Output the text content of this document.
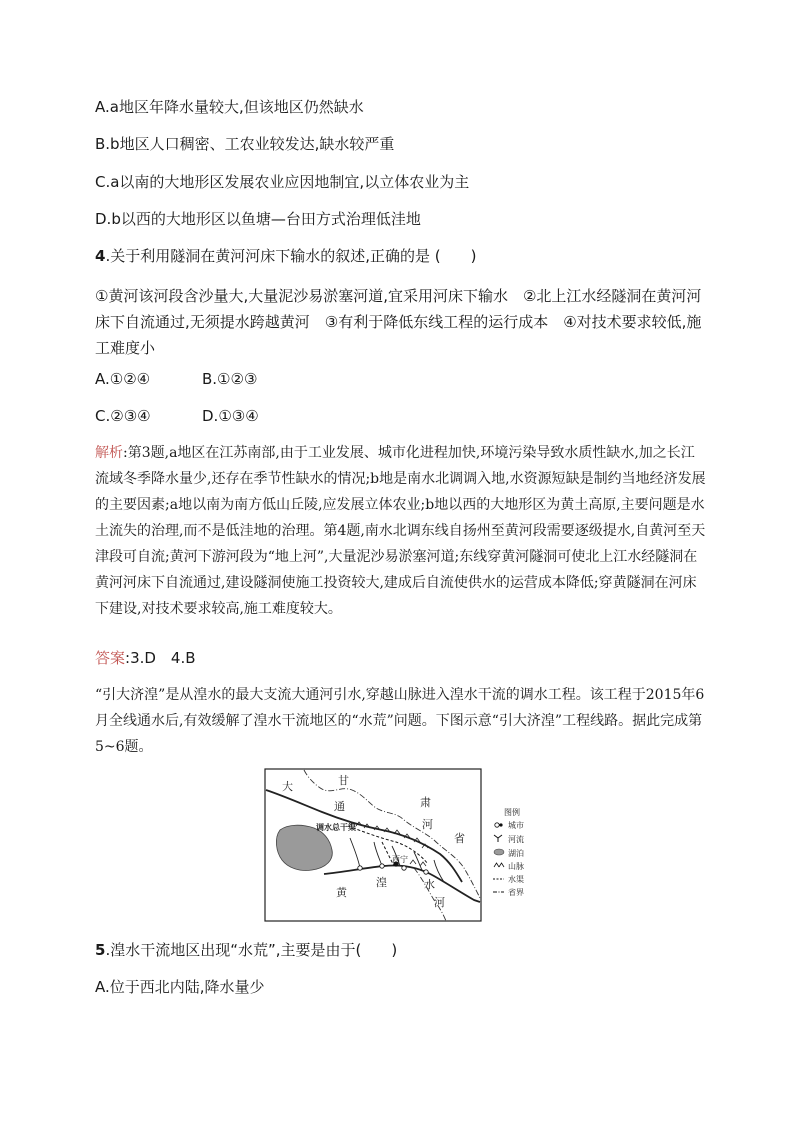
A.a地区年降水量较大,但该地区仍然缺水

B.b地区人口稠密、工农业较发达,缺水较严重

C.a以南的大地形区发展农业应因地制宜,以立体农业为主

D.b以西的大地形区以鱼塘—台田方式治理低洼地

4.关于利用隧洞在黄河河床下输水的叙述,正确的是 (　　)

①黄河该河段含沙量大,大量泥沙易淤塞河道,宜采用河床下输水　②北上江水经隧洞在黄河河床下自流通过,无须提水跨越黄河　③有利于降低东线工程的运行成本　④对技术要求较低,施工难度小

A.①②④	B.①②③

C.②③④	D.①③④

解析:第3题,a地区在江苏南部,由于工业发展、城市化进程加快,环境污染导致水质性缺水,加之长江流域冬季降水量少,还存在季节性缺水的情况;b地是南水北调调入地,水资源短缺是制约当地经济发展的主要因素;a地以南为南方低山丘陵,应发展立体农业;b地以西的大地形区为黄土高原,主要问题是水土流失的治理,而不是低洼地的治理。第4题,南水北调东线自扬州至黄河段需要逐级提水,自黄河至天津段可自流;黄河下游河段为“地上河”,大量泥沙易淤塞河道;东线穿黄河隧洞可使北上江水经隧洞在黄河河床下自流通过,建设隧洞使施工投资较大,建成后自流使供水的运营成本降低;穿黄隧洞在河床下建设,对技术要求较高,施工难度较大。

答案:3.D　4.B

“引大济湟”是从湟水的最大支流大通河引水,穿越山脉进入湟水干流的调水工程。该工程于2015年6月全线通水后,有效缓解了湟水干流地区的“水荒”问题。下图示意“引大济湟”工程线路。据此完成第5~6题。

大	甘
肃
通
河
省
调水总干渠
西宁
湟
黄
水
河
图例
城市
河流
湖泊
山脉
水渠
省界

5.湟水干流地区出现“水荒”,主要是由于(　　)

A.位于西北内陆,降水量少
